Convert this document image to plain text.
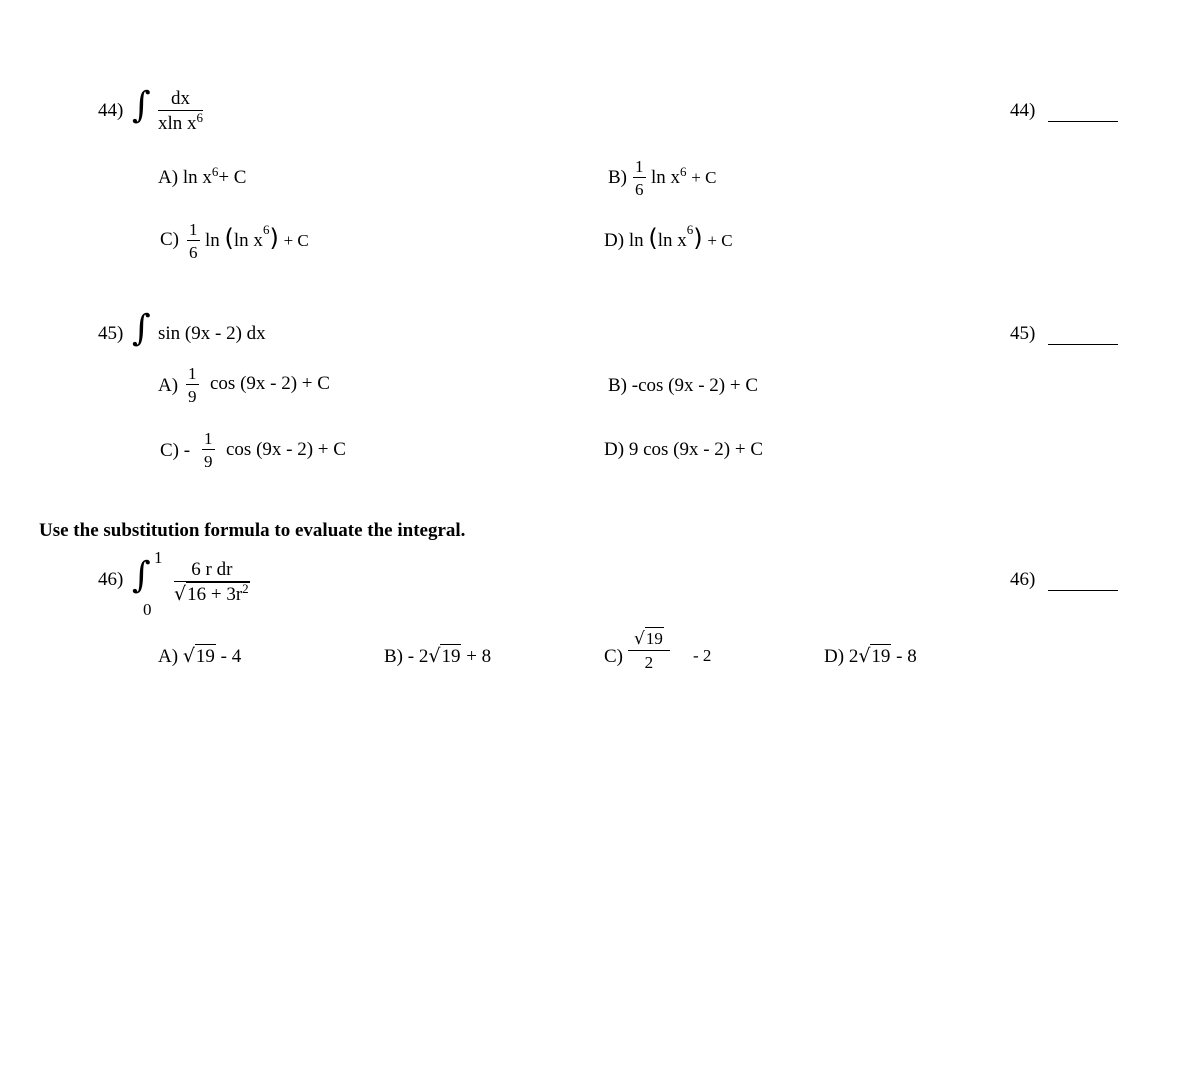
44) ∫ $\frac{dx}{xln x^6}$	44)
A) $\ln x^6+ C$	$B) \frac{1}{6}$ $\ln x^6 + C$
$C) \frac{1}{6}$ ln (ln $x^6) + C$	D) ln (ln $x^6) + C$
45) ∫ sin (9x - 2) dx	45)
$A) \frac{1}{9}$ cos (9x - 2) + C	B) -cos (9x - 2) + C
$C) - \frac{1}{9}$ cos (9x - 2) + C	D) 9 cos (9x - 2) + C
Use the substitution formula to evaluate the integral.
46) ∫ 1
0
$\frac{\text{6 r dr}}{√16 + 3r^2}$	46)
A) √19 - 4	B) - 2√19 + 8	$C) \frac{√19}{2} - 2$	D) 2√19 - 8
